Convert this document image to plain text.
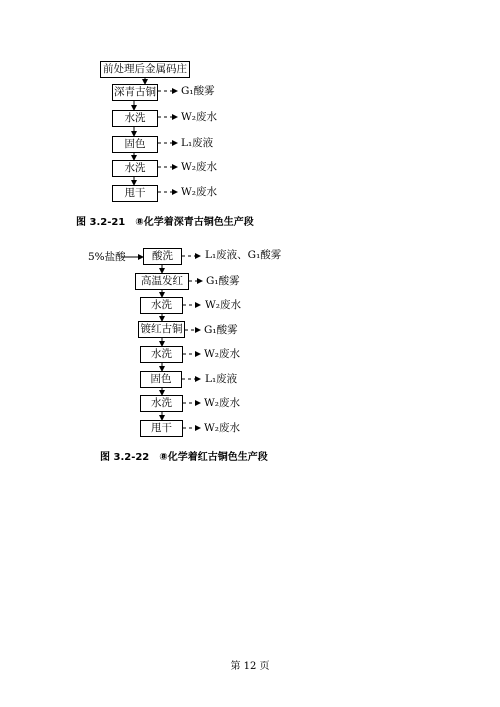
前处理后金属码庄
深青古铜
水洗
固色
水洗
甩干
G₁酸雾
W₂废水
L₁废液
W₂废水
W₂废水
图 3.2-21　⑧化学着深青古铜色生产段
5%盐酸	酸洗
高温发红
水洗
镀红古铜
水洗
固色
水洗
甩干
L₁废液、G₁酸雾
G₁酸雾
W₂废水
G₁酸雾
W₂废水
L₁废液
W₂废水
W₂废水
图 3.2-22　⑧化学着红古铜色生产段
第 12 页
